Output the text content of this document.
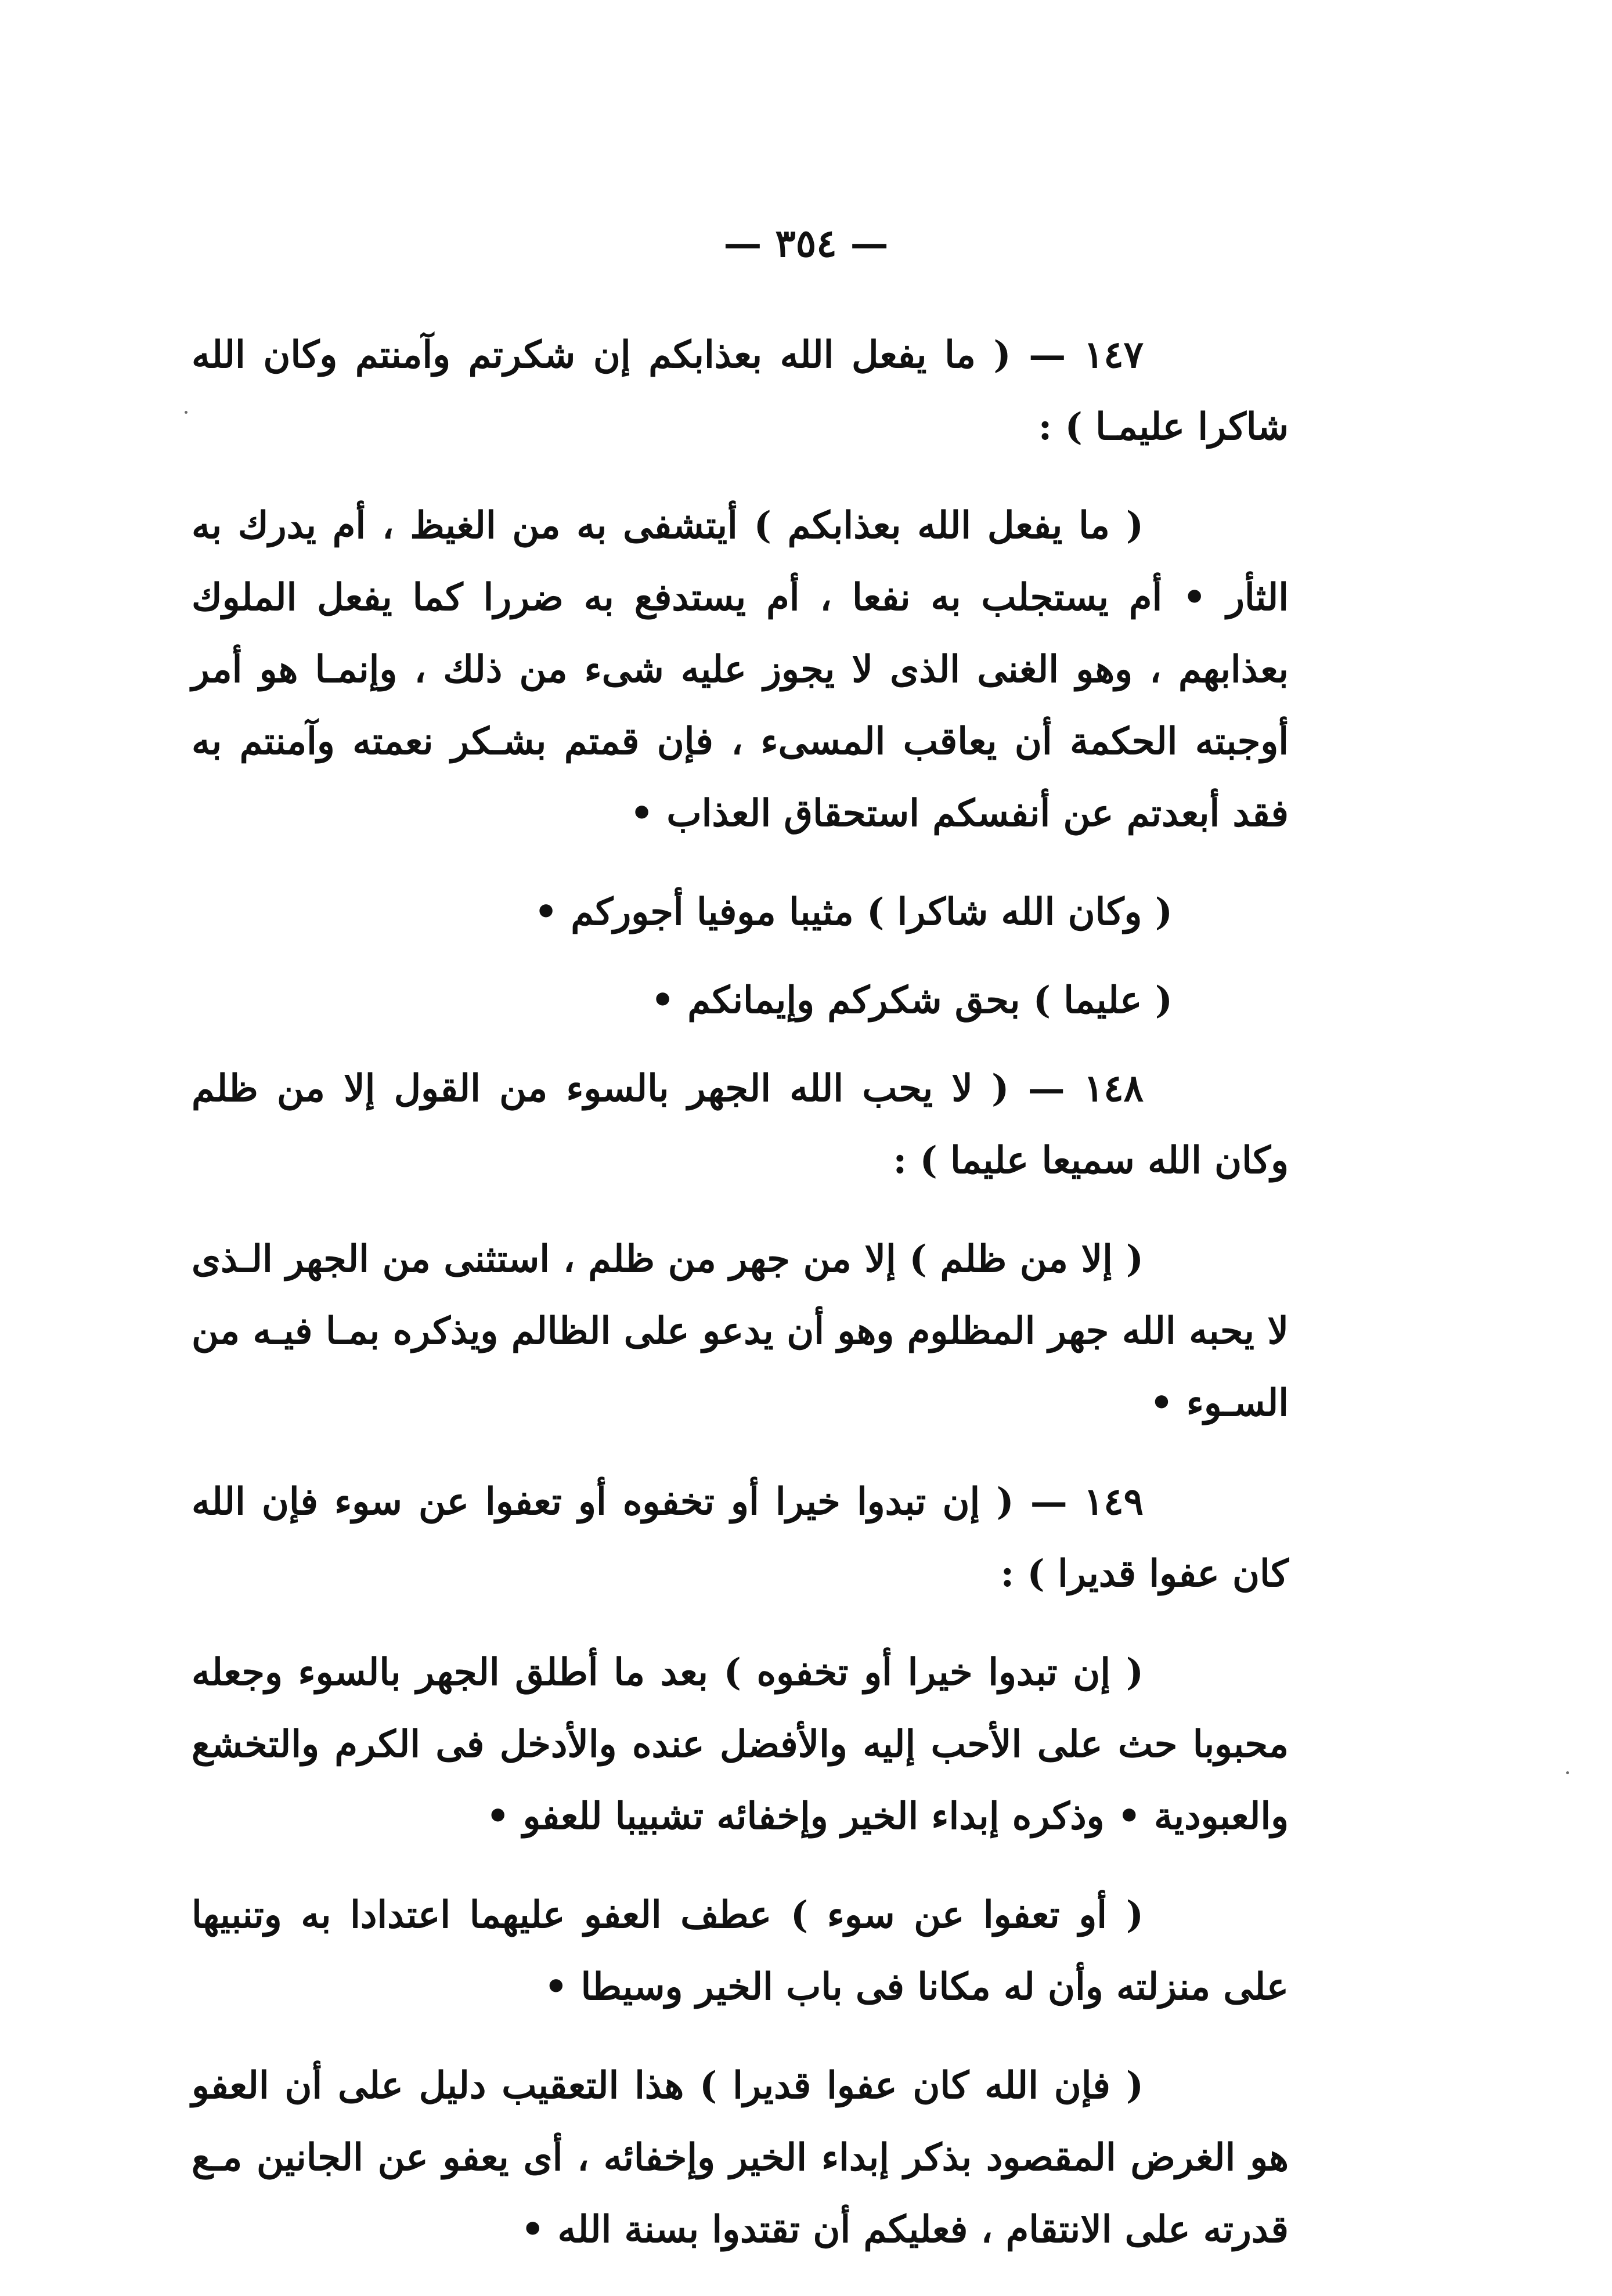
— ٣٥٤ —

١٤٧ — ( ما يفعل الله بعذابكم إن شكرتم وآمنتم وكان الله شاكرا عليمـا ) :

( ما يفعل الله بعذابكم ) أيتشفى به من الغيظ ، أم يدرك به الثأر • أم يستجلب به نفعا ، أم يستدفع به ضررا كما يفعل الملوك بعذابهم ، وهو الغنى الذى لا يجوز عليه شىء من ذلك ، وإنمـا هو أمر أوجبته الحكمة أن يعاقب المسىء ، فإن قمتم بشـكر نعمته وآمنتم به فقد أبعدتم عن أنفسكم استحقاق العذاب •

( وكان الله شاكرا ) مثيبا موفيا أجوركم •

( عليما ) بحق شكركم وإيمانكم •

١٤٨ — ( لا يحب الله الجهر بالسوء من القول إلا من ظلم وكان الله سميعا عليما ) :

( إلا من ظلم ) إلا من جهر من ظلم ، استثنى من الجهر الـذى لا يحبه الله جهر المظلوم وهو أن يدعو على الظالم ويذكره بمـا فيـه من السـوء •

١٤٩ — ( إن تبدوا خيرا أو تخفوه أو تعفوا عن سوء فإن الله كان عفوا قديرا ) :

( إن تبدوا خيرا أو تخفوه ) بعد ما أطلق الجهر بالسوء وجعله محبوبا حث على الأحب إليه والأفضل عنده والأدخل فى الكرم والتخشع والعبودية • وذكره إبداء الخير وإخفائه تشبيبا للعفو •

( أو تعفوا عن سوء ) عطف العفو عليهما اعتدادا به وتنبيها على منزلته وأن له مكانا فى باب الخير وسيطا •

( فإن الله كان عفوا قديرا ) هذا التعقيب دليل على أن العفو هو الغرض المقصود بذكر إبداء الخير وإخفائه ، أى يعفو عن الجانين مـع قدرته على الانتقام ، فعليكم أن تقتدوا بسنة الله •
